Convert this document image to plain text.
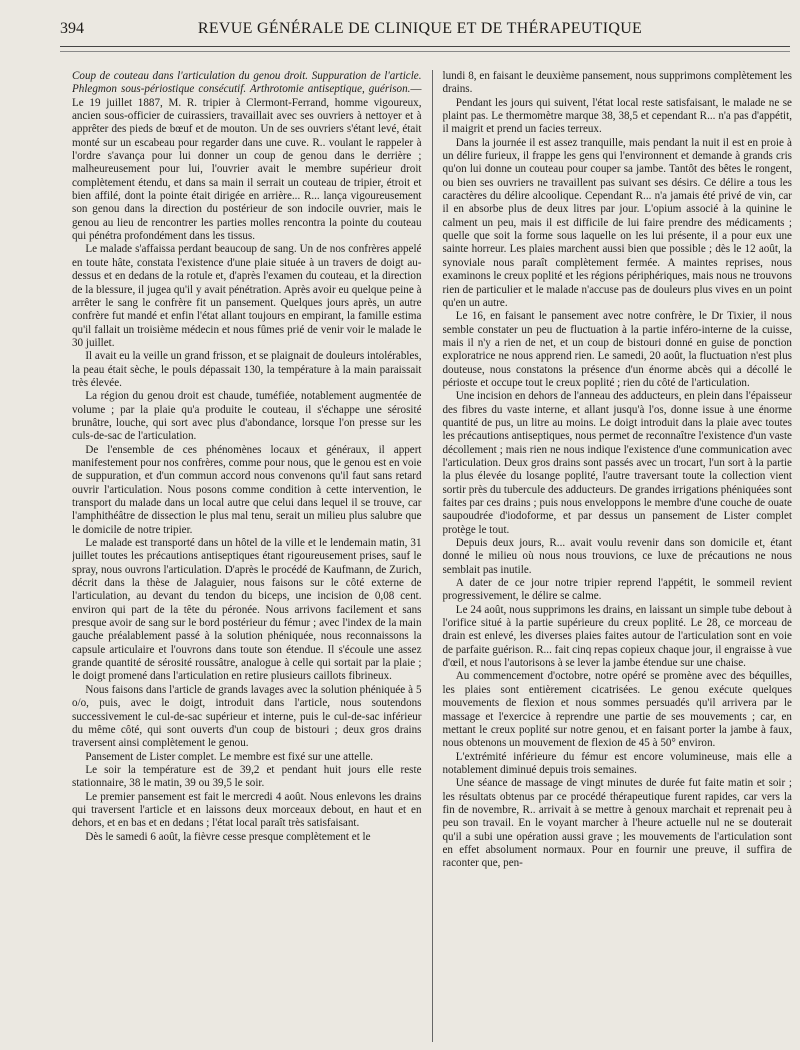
394	REVUE GÉNÉRALE DE CLINIQUE ET DE THÉRAPEUTIQUE

Coup de couteau dans l'articulation du genou droit. Suppuration de l'article. Phlegmon sous-périostique consécutif. Arthrotomie antiseptique, guérison.— Le 19 juillet 1887, M. R. tripier à Clermont-Ferrand, homme vigoureux, ancien sous-officier de cuirassiers, travaillait avec ses ouvriers à nettoyer et à apprêter des pieds de bœuf et de mouton. Un de ses ouvriers s'étant levé, était monté sur un escabeau pour regarder dans une cuve. R.. voulant le rappeler à l'ordre s'avança pour lui donner un coup de genou dans le derrière ; malheureusement pour lui, l'ouvrier avait le membre supérieur droit complètement étendu, et dans sa main il serrait un couteau de tripier, étroit et bien affilé, dont la pointe était dirigée en arrière... R... lança vigoureusement son genou dans la direction du postérieur de son indocile ouvrier, mais le genou au lieu de rencontrer les parties molles rencontra la pointe du couteau qui pénétra profondément dans les tissus.

Le malade s'affaissa perdant beaucoup de sang. Un de nos confrères appelé en toute hâte, constata l'existence d'une plaie située à un travers de doigt au-dessus et en dedans de la rotule et, d'après l'examen du couteau, et la direction de la blessure, il jugea qu'il y avait pénétration. Après avoir eu quelque peine à arrêter le sang le confrère fit un pansement. Quelques jours après, un autre confrère fut mandé et enfin l'état allant toujours en empirant, la famille estima qu'il fallait un troisième médecin et nous fûmes prié de venir voir le malade le 30 juillet.

Il avait eu la veille un grand frisson, et se plaignait de douleurs intolérables, la peau était sèche, le pouls dépassait 130, la température à la main paraissait très élevée.

La région du genou droit est chaude, tuméfiée, notablement augmentée de volume ; par la plaie qu'a produite le couteau, il s'échappe une sérosité brunâtre, louche, qui sort avec plus d'abondance, lorsque l'on presse sur les culs-de-sac de l'articulation.

De l'ensemble de ces phénomènes locaux et généraux, il appert manifestement pour nos confrères, comme pour nous, que le genou est en voie de suppuration, et d'un commun accord nous convenons qu'il faut sans retard ouvrir l'articulation. Nous posons comme condition à cette intervention, le transport du malade dans un local autre que celui dans lequel il se trouve, car l'amphithéâtre de dissection le plus mal tenu, serait un milieu plus salubre que le domicile de notre tripier.

Le malade est transporté dans un hôtel de la ville et le lendemain matin, 31 juillet toutes les précautions antiseptiques étant rigoureusement prises, sauf le spray, nous ouvrons l'articulation. D'après le procédé de Kaufmann, de Zurich, décrit dans la thèse de Jalaguier, nous faisons sur le côté externe de l'articulation, au devant du tendon du biceps, une incision de 0,08 cent. environ qui part de la tête du péronée. Nous arrivons facilement et sans presque avoir de sang sur le bord postérieur du fémur ; avec l'index de la main gauche préalablement passé à la solution phéniquée, nous reconnaissons la capsule articulaire et l'ouvrons dans toute son étendue. Il s'écoule une assez grande quantité de sérosité roussâtre, analogue à celle qui sortait par la plaie ; le doigt promené dans l'articulation en retire plusieurs caillots fibrineux.

Nous faisons dans l'article de grands lavages avec la solution phéniquée à 5 o/o, puis, avec le doigt, introduit dans l'article, nous soutendons successivement le cul-de-sac supérieur et interne, puis le cul-de-sac inférieur du même côté, qui sont ouverts d'un coup de bistouri ; deux gros drains traversent ainsi complètement le genou.

Pansement de Lister complet. Le membre est fixé sur une attelle.

Le soir la température est de 39,2 et pendant huit jours elle reste stationnaire, 38 le matin, 39 ou 39,5 le soir.

Le premier pansement est fait le mercredi 4 août. Nous enlevons les drains qui traversent l'article et en laissons deux morceaux debout, en haut et en dehors, et en bas et en dedans ; l'état local paraît très satisfaisant.

Dès le samedi 6 août, la fièvre cesse presque complètement et le

lundi 8, en faisant le deuxième pansement, nous supprimons complètement les drains.

Pendant les jours qui suivent, l'état local reste satisfaisant, le malade ne se plaint pas. Le thermomètre marque 38, 38,5 et cependant R... n'a pas d'appétit, il maigrit et prend un facies terreux.

Dans la journée il est assez tranquille, mais pendant la nuit il est en proie à un délire furieux, il frappe les gens qui l'environnent et demande à grands cris qu'on lui donne un couteau pour couper sa jambe. Tantôt des bêtes le rongent, ou bien ses ouvriers ne travaillent pas suivant ses désirs. Ce délire a tous les caractères du délire alcoolique. Cependant R... n'a jamais été privé de vin, car il en absorbe plus de deux litres par jour. L'opium associé à la quinine le calment un peu, mais il est difficile de lui faire prendre des médicaments ; quelle que soit la forme sous laquelle on les lui présente, il a pour eux une sainte horreur. Les plaies marchent aussi bien que possible ; dès le 12 août, la synoviale nous paraît complètement fermée. A maintes reprises, nous examinons le creux poplité et les régions périphériques, mais nous ne trouvons rien de particulier et le malade n'accuse pas de douleurs plus vives en un point qu'en un autre.

Le 16, en faisant le pansement avec notre confrère, le Dr Tixier, il nous semble constater un peu de fluctuation à la partie inféro-interne de la cuisse, mais il n'y a rien de net, et un coup de bistouri donné en guise de ponction exploratrice ne nous apprend rien. Le samedi, 20 août, la fluctuation n'est plus douteuse, nous constatons la présence d'un énorme abcès qui a décollé le périoste et occupe tout le creux poplité ; rien du côté de l'articulation.

Une incision en dehors de l'anneau des adducteurs, en plein dans l'épaisseur des fibres du vaste interne, et allant jusqu'à l'os, donne issue à une énorme quantité de pus, un litre au moins. Le doigt introduit dans la plaie avec toutes les précautions antiseptiques, nous permet de reconnaître l'existence d'un vaste décollement ; mais rien ne nous indique l'existence d'une communication avec l'articulation. Deux gros drains sont passés avec un trocart, l'un sort à la partie la plus élevée du losange poplité, l'autre traversant toute la collection vient sortir près du tubercule des adducteurs. De grandes irrigations phéniquées sont faites par ces drains ; puis nous enveloppons le membre d'une couche de ouate saupoudrée d'iodoforme, et par dessus un pansement de Lister complet protège le tout.

Depuis deux jours, R... avait voulu revenir dans son domicile et, étant donné le milieu où nous nous trouvions, ce luxe de précautions ne nous semblait pas inutile.

A dater de ce jour notre tripier reprend l'appétit, le sommeil revient progressivement, le délire se calme.

Le 24 août, nous supprimons les drains, en laissant un simple tube debout à l'orifice situé à la partie supérieure du creux poplité. Le 28, ce morceau de drain est enlevé, les diverses plaies faites autour de l'articulation sont en voie de parfaite guérison. R... fait cinq repas copieux chaque jour, il engraisse à vue d'œil, et nous l'autorisons à se lever la jambe étendue sur une chaise.

Au commencement d'octobre, notre opéré se promène avec des béquilles, les plaies sont entièrement cicatrisées. Le genou exécute quelques mouvements de flexion et nous sommes persuadés qu'il arrivera par le massage et l'exercice à reprendre une partie de ses mouvements ; car, en mettant le creux poplité sur notre genou, et en faisant porter la jambe à faux, nous obtenons un mouvement de flexion de 45 à 50° environ.

L'extrémité inférieure du fémur est encore volumineuse, mais elle a notablement diminué depuis trois semaines.

Une séance de massage de vingt minutes de durée fut faite matin et soir ; les résultats obtenus par ce procédé thérapeutique furent rapides, car vers la fin de novembre, R.. arrivait à se mettre à genoux marchait et reprenait peu à peu son travail. En le voyant marcher à l'heure actuelle nul ne se douterait qu'il a subi une opération aussi grave ; les mouvements de l'articulation sont en effet absolument normaux. Pour en fournir une preuve, il suffira de raconter que, pen-
